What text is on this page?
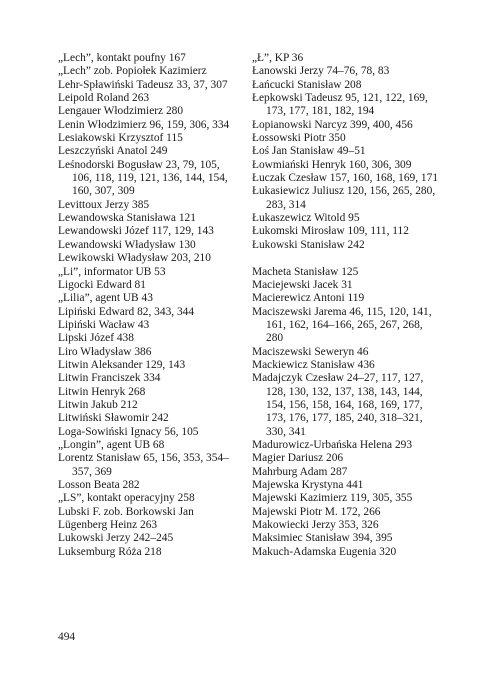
„Lech”, kontakt poufny 167
„Lech” zob. Popiołek Kazimierz
Lehr-Spławiński Tadeusz 33, 37, 307
Leipold Roland 263
Lengauer Włodzimierz 280
Lenin Włodzimierz 96, 159, 306, 334
Lesiakowski Krzysztof 115
Leszczyński Anatol 249
Leśnodorski Bogusław 23, 79, 105, 106, 118, 119, 121, 136, 144, 154, 160, 307, 309
Levittoux Jerzy 385
Lewandowska Stanisława 121
Lewandowski Józef 117, 129, 143
Lewandowski Władysław 130
Lewikowski Władysław 203, 210
„Li”, informator UB 53
Ligocki Edward 81
„Lilia”, agent UB 43
Lipiński Edward 82, 343, 344
Lipiński Wacław 43
Lipski Józef 438
Liro Władysław 386
Litwin Aleksander 129, 143
Litwin Franciszek 334
Litwin Henryk 268
Litwin Jakub 212
Litwiński Sławomir 242
Loga-Sowiński Ignacy 56, 105
„Longin”, agent UB 68
Lorentz Stanisław 65, 156, 353, 354–357, 369
Losson Beata 282
„LS”, kontakt operacyjny 258
Lubski F. zob. Borkowski Jan
Lügenberg Heinz 263
Lukowski Jerzy 242–245
Luksemburg Róża 218
„Ł”, KP 36
Łanowski Jerzy 74–76, 78, 83
Łańcucki Stanisław 208
Łepkowski Tadeusz 95, 121, 122, 169, 173, 177, 181, 182, 194
Łopianowski Narcyz 399, 400, 456
Łossowski Piotr 350
Łoś Jan Stanisław 49–51
Łowmiański Henryk 160, 306, 309
Łuczak Czesław 157, 160, 168, 169, 171
Łukasiewicz Juliusz 120, 156, 265, 280, 283, 314
Łukaszewicz Witold 95
Łukomski Mirosław 109, 111, 112
Łukowski Stanisław 242
Macheta Stanisław 125
Maciejewski Jacek 31
Macierewicz Antoni 119
Maciszewski Jarema 46, 115, 120, 141, 161, 162, 164–166, 265, 267, 268, 280
Maciszewski Seweryn 46
Mackiewicz Stanisław 436
Madajczyk Czesław 24–27, 117, 127, 128, 130, 132, 137, 138, 143, 144, 154, 156, 158, 164, 168, 169, 177, 173, 176, 177, 185, 240, 318–321, 330, 341
Madurowicz-Urbańska Helena 293
Magier Dariusz 206
Mahrburg Adam 287
Majewska Krystyna 441
Majewski Kazimierz 119, 305, 355
Majewski Piotr M. 172, 266
Makowiecki Jerzy 353, 326
Maksimiec Stanisław 394, 395
Makuch-Adamska Eugenia 320
494
